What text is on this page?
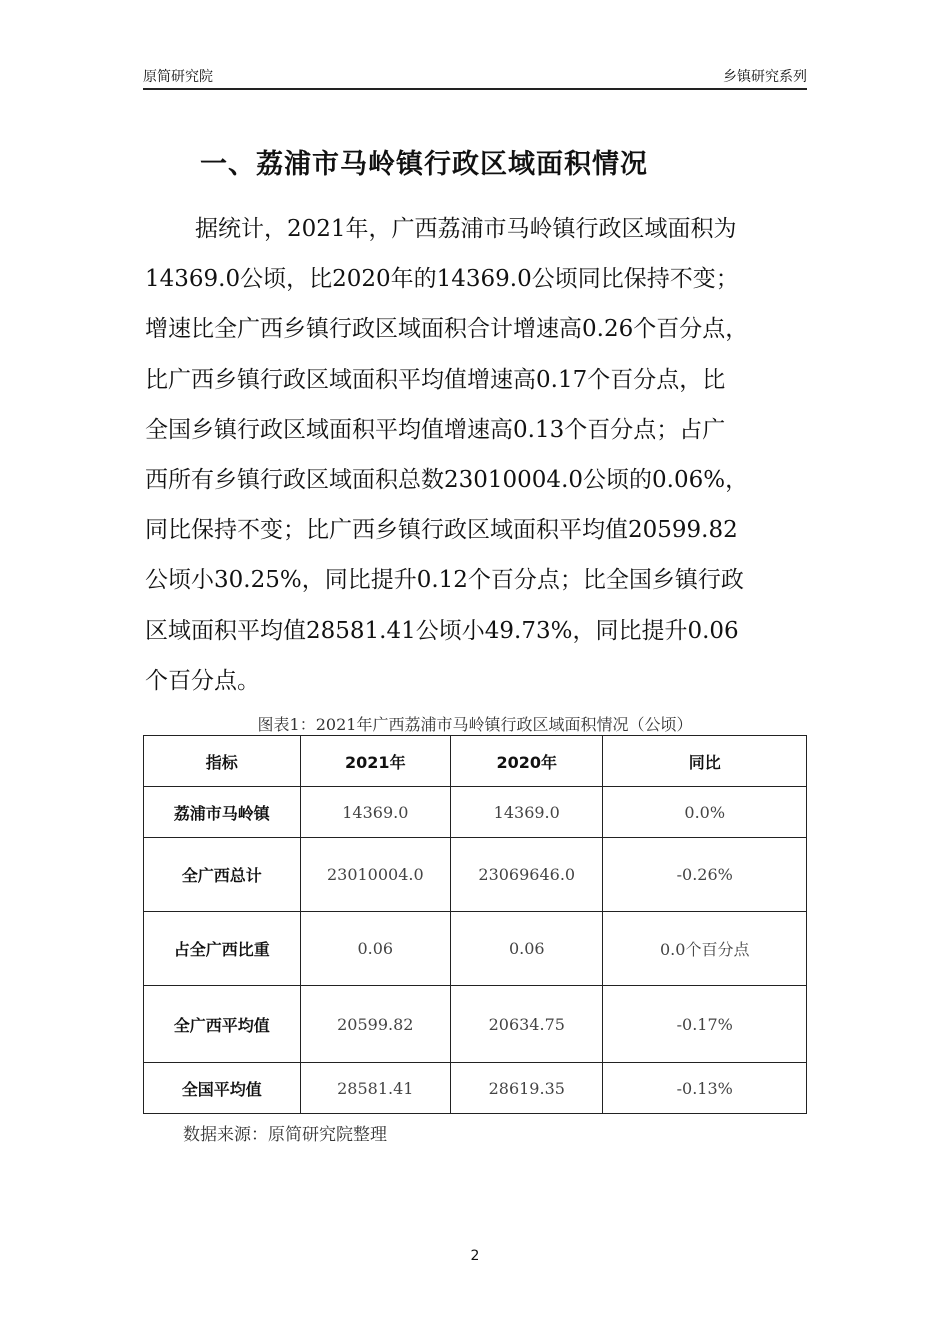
原简研究院	乡镇研究系列
一、荔浦市马岭镇行政区域面积情况
据统计，2021年，广西荔浦市马岭镇行政区域面积为
14369.0公顷，比2020年的14369.0公顷同比保持不变；
增速比全广西乡镇行政区域面积合计增速高0.26个百分点，
比广西乡镇行政区域面积平均值增速高0.17个百分点，比
全国乡镇行政区域面积平均值增速高0.13个百分点；占广
西所有乡镇行政区域面积总数23010004.0公顷的0.06%，
同比保持不变；比广西乡镇行政区域面积平均值20599.82
公顷小30.25%，同比提升0.12个百分点；比全国乡镇行政
区域面积平均值28581.41公顷小49.73%，同比提升0.06
个百分点。
图表1：2021年广西荔浦市马岭镇行政区域面积情况（公顷）
指标	2021年	2020年	同比
荔浦市马岭镇	14369.0	14369.0	0.0%
全广西总计	23010004.0	23069646.0	-0.26%
占全广西比重	0.06	0.06	0.0个百分点
全广西平均值	20599.82	20634.75	-0.17%
全国平均值	28581.41	28619.35	-0.13%
数据来源：原简研究院整理
2
